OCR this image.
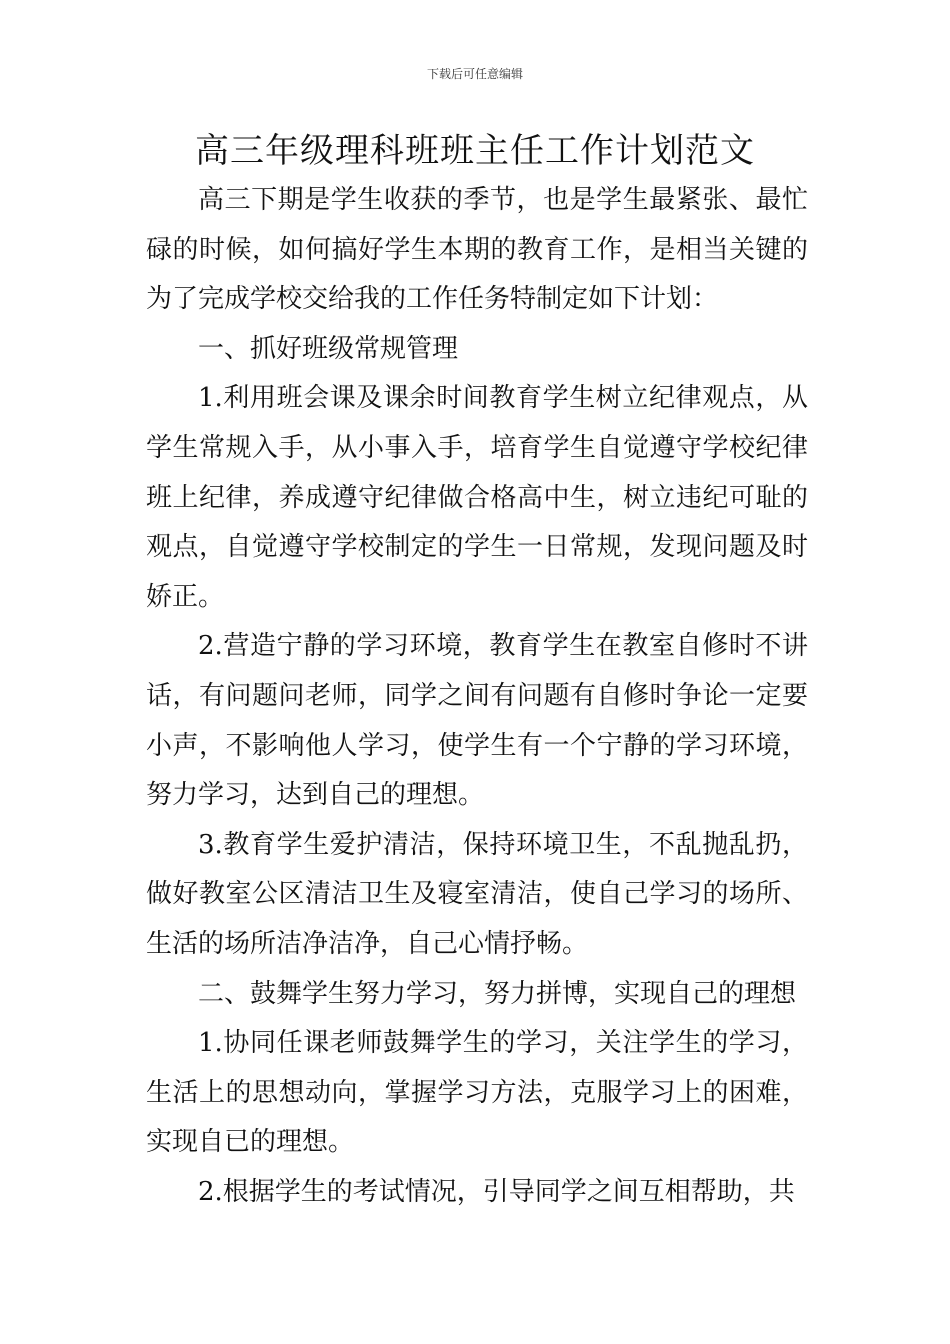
下载后可任意编辑
高三年级理科班班主任工作计划范文

高三下期是学生收获的季节，也是学生最紧张、最忙碌的时候，如何搞好学生本期的教育工作，是相当关键的为了完成学校交给我的工作任务特制定如下计划：

一、抓好班级常规管理

1.利用班会课及课余时间教育学生树立纪律观点，从学生常规入手，从小事入手，培育学生自觉遵守学校纪律班上纪律，养成遵守纪律做合格高中生，树立违纪可耻的观点，自觉遵守学校制定的学生一日常规，发现问题及时娇正。

2.营造宁静的学习环境，教育学生在教室自修时不讲话，有问题问老师，同学之间有问题有自修时争论一定要小声，不影响他人学习，使学生有一个宁静的学习环境，努力学习，达到自己的理想。

3.教育学生爱护清洁，保持环境卫生，不乱抛乱扔，做好教室公区清洁卫生及寝室清洁，使自己学习的场所、生活的场所洁净洁净，自己心情抒畅。

二、鼓舞学生努力学习，努力拼博，实现自己的理想

1.协同任课老师鼓舞学生的学习，关注学生的学习，生活上的思想动向，掌握学习方法，克服学习上的困难，实现自已的理想。

2.根据学生的考试情况，引导同学之间互相帮助，共
